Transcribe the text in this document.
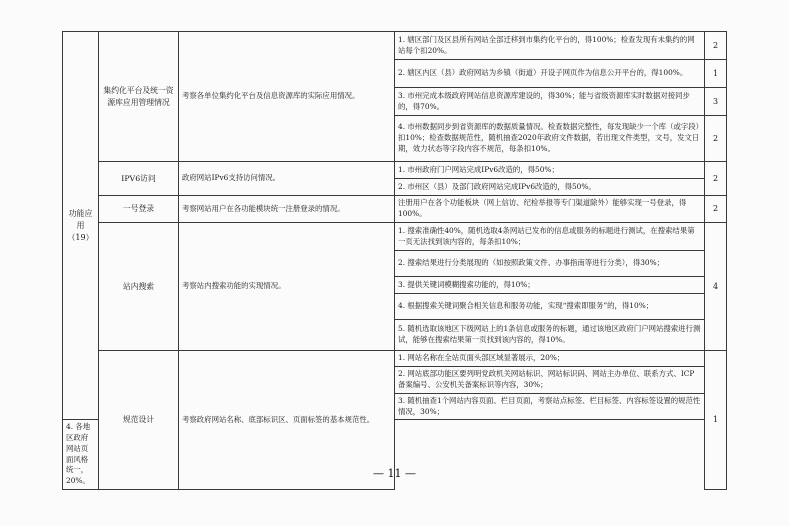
功能应用（19）	集约化平台及统一资源库应用管理情况	考察各单位集约化平台及信息资源库的实际应用情况。	1. 辖区部门及区县所有网站全部迁移到市集约化平台的，得100%；检查发现有未集约的网站每个扣20%。	2
			2. 辖区内区（县）政府网站为乡镇（街道）开设子网页作为信息公开平台的，得100%。	1
			3. 市州完成本级政府网站信息资源库建设的，得30%；能与省级资源库实时数据对接同步的，得70%。	3
			4. 市州数据同步到省资源库的数据质量情况。检查数据完整性，每发现缺少一个库（或字段）扣10%；检查数据规范性，随机抽查2020年政府文件数据，若出现文件类型，文号，发文日期，效力状态等字段内容不规范，每条扣10%。	2
	IPV6访问	政府网站IPv6支持访问情况。	1. 市州政府门户网站完成IPv6改造的，得50%；	2
			2. 市州区（县）及部门政府网站完成IPv6改造的，得50%。	
	一号登录	考察网站用户在各功能模块统一注册登录的情况。	注册用户在各个功能板块（网上信访、纪检举报等专门渠道除外）能够实现一号登录，得100%。	2
	站内搜索	考察站内搜索功能的实现情况。	1. 搜索准确性40%，随机选取4条网站已发布的信息或服务的标题进行测试，在搜索结果第一页无法找到该内容的，每条扣10%；	4
			2. 搜索结果进行分类展现的（如按照政策文件、办事指南等进行分类），得30%；	
			3. 提供关键词模糊搜索功能的，得10%；	
			4. 根据搜索关键词聚合相关信息和服务功能，实现“搜索即服务”的，得10%；	
			5. 随机选取该地区下级网站上的1条信息或服务的标题，通过该地区政府门户网站搜索进行测试，能够在搜索结果第一页找到该内容的，得10%。	
	规范设计	考察政府网站名称、底部标识区、页面标签的基本规范性。	1. 网站名称在全站页面头部区域显著展示，20%；	1
			2. 网站底部功能区要列明党政机关网站标识、网站标识码、网站主办单位、联系方式、ICP备案编号、公安机关备案标识等内容，30%；	
			3. 随机抽查1个网站内容页面、栏目页面，考察站点标签、栏目标签、内容标签设置的规范性情况，30%；	
4. 各地区政府网站页面风格统一，20%。				
— 11 —
